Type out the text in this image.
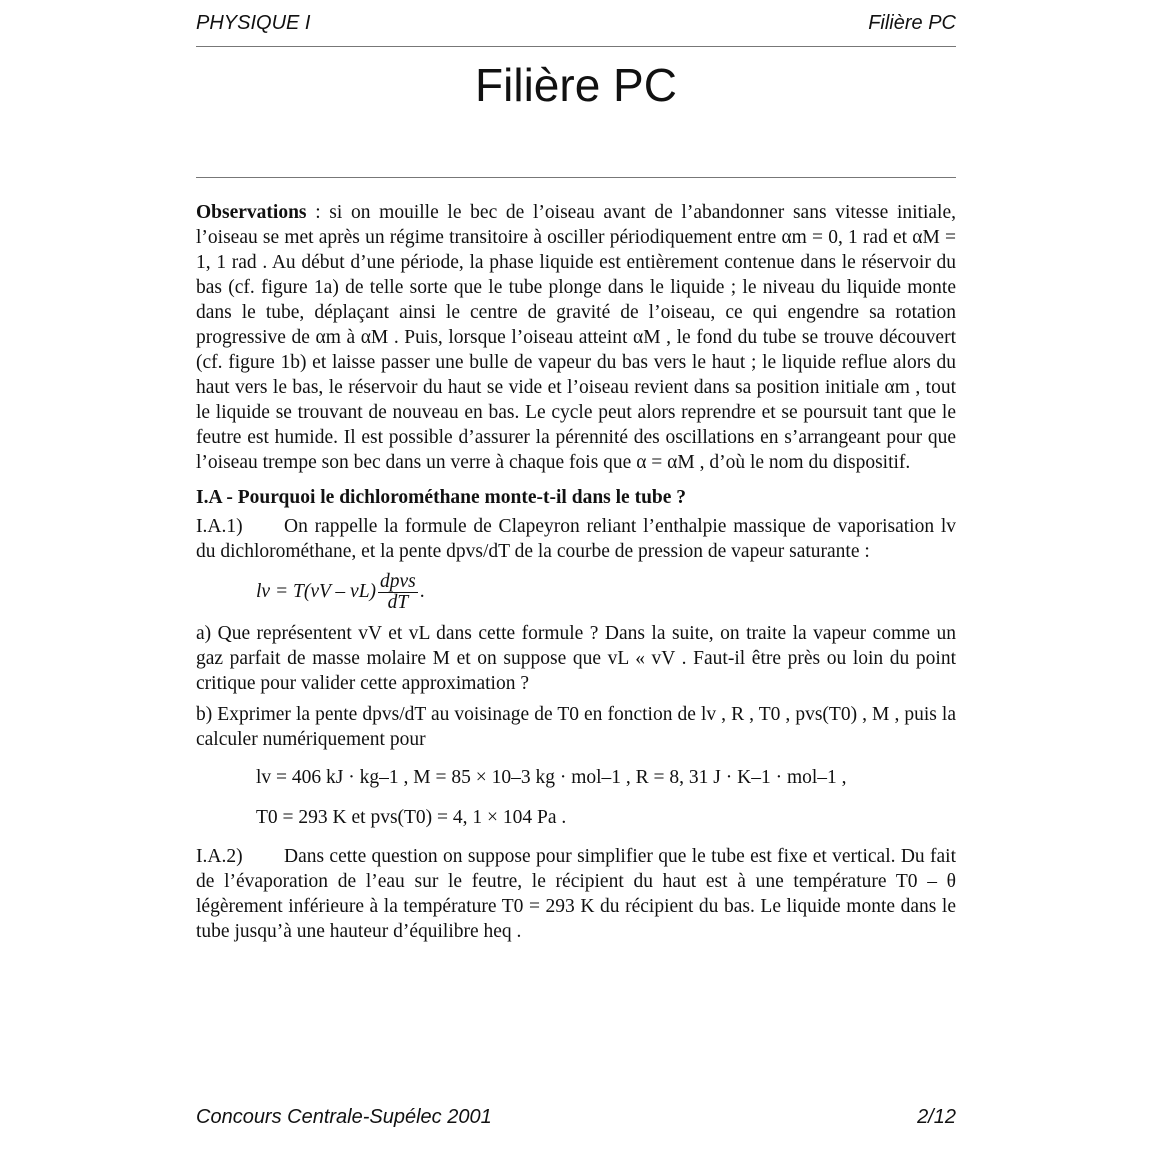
PHYSIQUE I	Filière PC
Filière PC

Observations : si on mouille le bec de l’oiseau avant de l’abandonner sans vitesse initiale, l’oiseau se met après un régime transitoire à osciller périodiquement entre αm = 0, 1 rad et αM = 1, 1 rad . Au début d’une période, la phase liquide est entièrement contenue dans le réservoir du bas (cf. figure 1a) de telle sorte que le tube plonge dans le liquide ; le niveau du liquide monte dans le tube, déplaçant ainsi le centre de gravité de l’oiseau, ce qui engendre sa rotation progressive de αm à αM . Puis, lorsque l’oiseau atteint αM , le fond du tube se trouve découvert (cf. figure 1b) et laisse passer une bulle de vapeur du bas vers le haut ; le liquide reflue alors du haut vers le bas, le réservoir du haut se vide et l’oiseau revient dans sa position initiale αm , tout le liquide se trouvant de nouveau en bas. Le cycle peut alors reprendre et se poursuit tant que le feutre est humide. Il est possible d’assurer la pérennité des oscillations en s’arrangeant pour que l’oiseau trempe son bec dans un verre à chaque fois que α = αM , d’où le nom du dispositif.

I.A - Pourquoi le dichlorométhane monte-t-il dans le tube ?

I.A.1) On rappelle la formule de Clapeyron reliant l’enthalpie massique de vaporisation lv du dichlorométhane, et la pente dpvs/dT de la courbe de pression de vapeur saturante :

lv = $T(vV - vL) \frac{\text{dpvs}}{dT}$ .

a) Que représentent vV et vL dans cette formule ? Dans la suite, on traite la vapeur comme un gaz parfait de masse molaire M et on suppose que vL « vV . Faut-il être près ou loin du point critique pour valider cette approximation ?

b) Exprimer la pente dpvs/dT au voisinage de T0 en fonction de lv , R , T0 , pvs(T0) , M , puis la calculer numériquement pour

lv = 406 kJ · kg–1 , M = 85 × 10–3 kg · mol–1 , R = 8, 31 J · K–1 · mol–1 ,
T0 = 293 K et pvs(T0) = 4, 1 × 104 Pa .

I.A.2) Dans cette question on suppose pour simplifier que le tube est fixe et vertical. Du fait de l’évaporation de l’eau sur le feutre, le récipient du haut est à une température T0 – θ légèrement inférieure à la température T0 = 293 K du récipient du bas. Le liquide monte dans le tube jusqu’à une hauteur d’équilibre heq .

Concours Centrale-Supélec 2001	2/12
